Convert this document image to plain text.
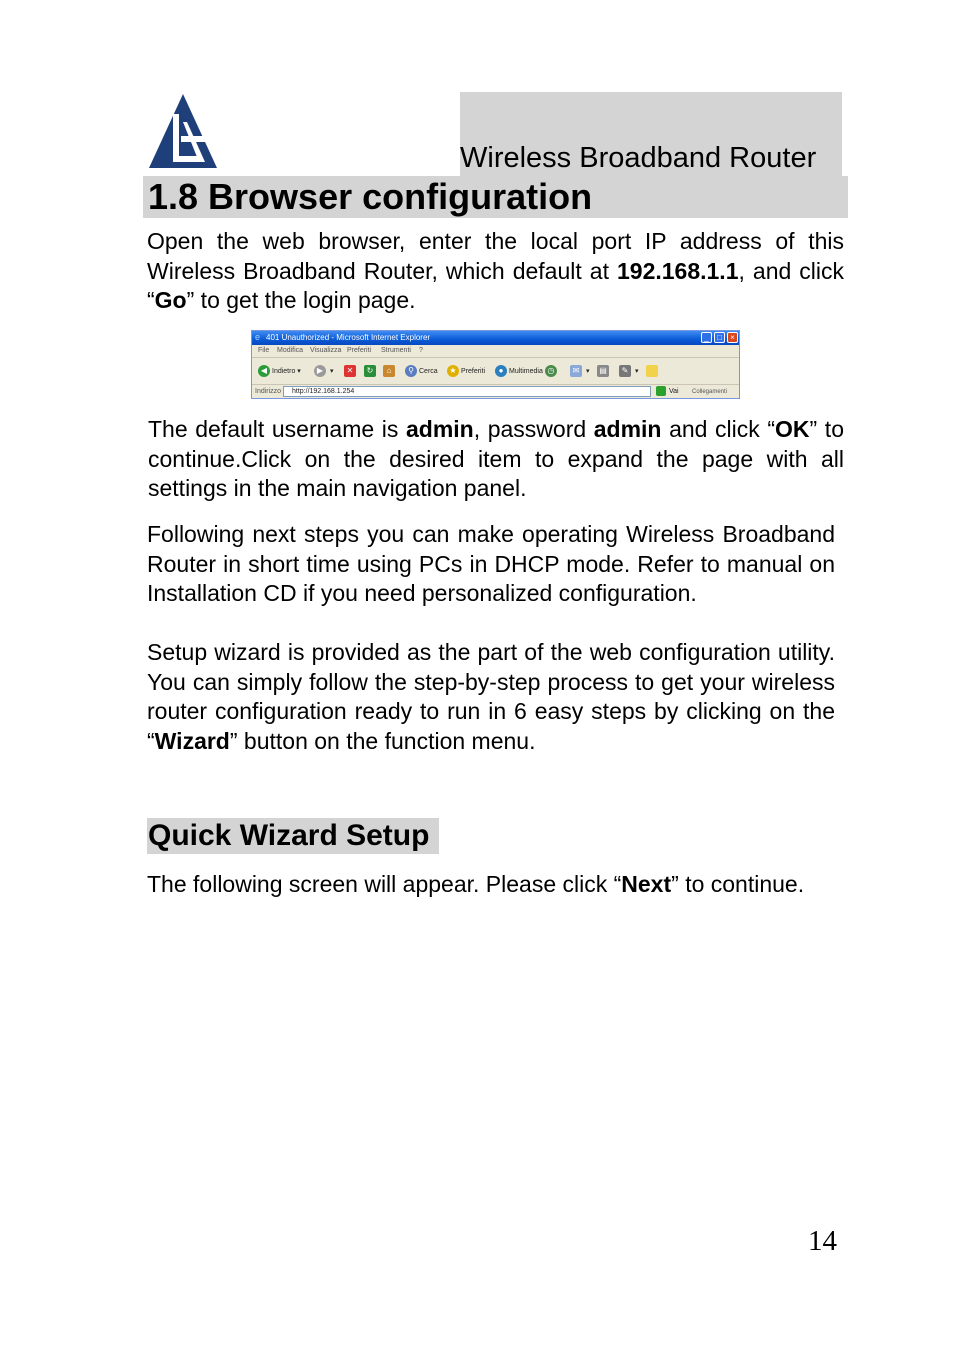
Wireless Broadband Router
1.8 Browser configuration
Open the web browser, enter the local port IP address of this Wireless Broadband Router, which default at 192.168.1.1, and click “Go” to get the login page.
e 401 Unauthorized - Microsoft Internet Explorer	_	□	×
File Modifica Visualizza Preferiti Strumenti ?
◀ Indietro ▾	▶ ▾	✕	↻	⌂	⚲ Cerca	★ Preferiti	● Multimedia ◷	✉ ▾ ▤	✎ ▾
Indirizzo	http://192.168.1.254	Vai Collegamenti
The default username is admin, password admin and click “OK” to continue.Click on the desired item to expand the page with all settings in the main navigation panel.
Following next steps you can make operating Wireless Broadband Router in short time using PCs in DHCP mode. Refer to manual on Installation CD if you need personalized configuration.
Setup wizard is provided as the part of the web configuration utility. You can simply follow the step-by-step process to get your wireless router configuration ready to run in 6 easy steps by clicking on the “Wizard” button on the function menu.
Quick Wizard Setup
The following screen will appear. Please click “Next” to continue.
14
